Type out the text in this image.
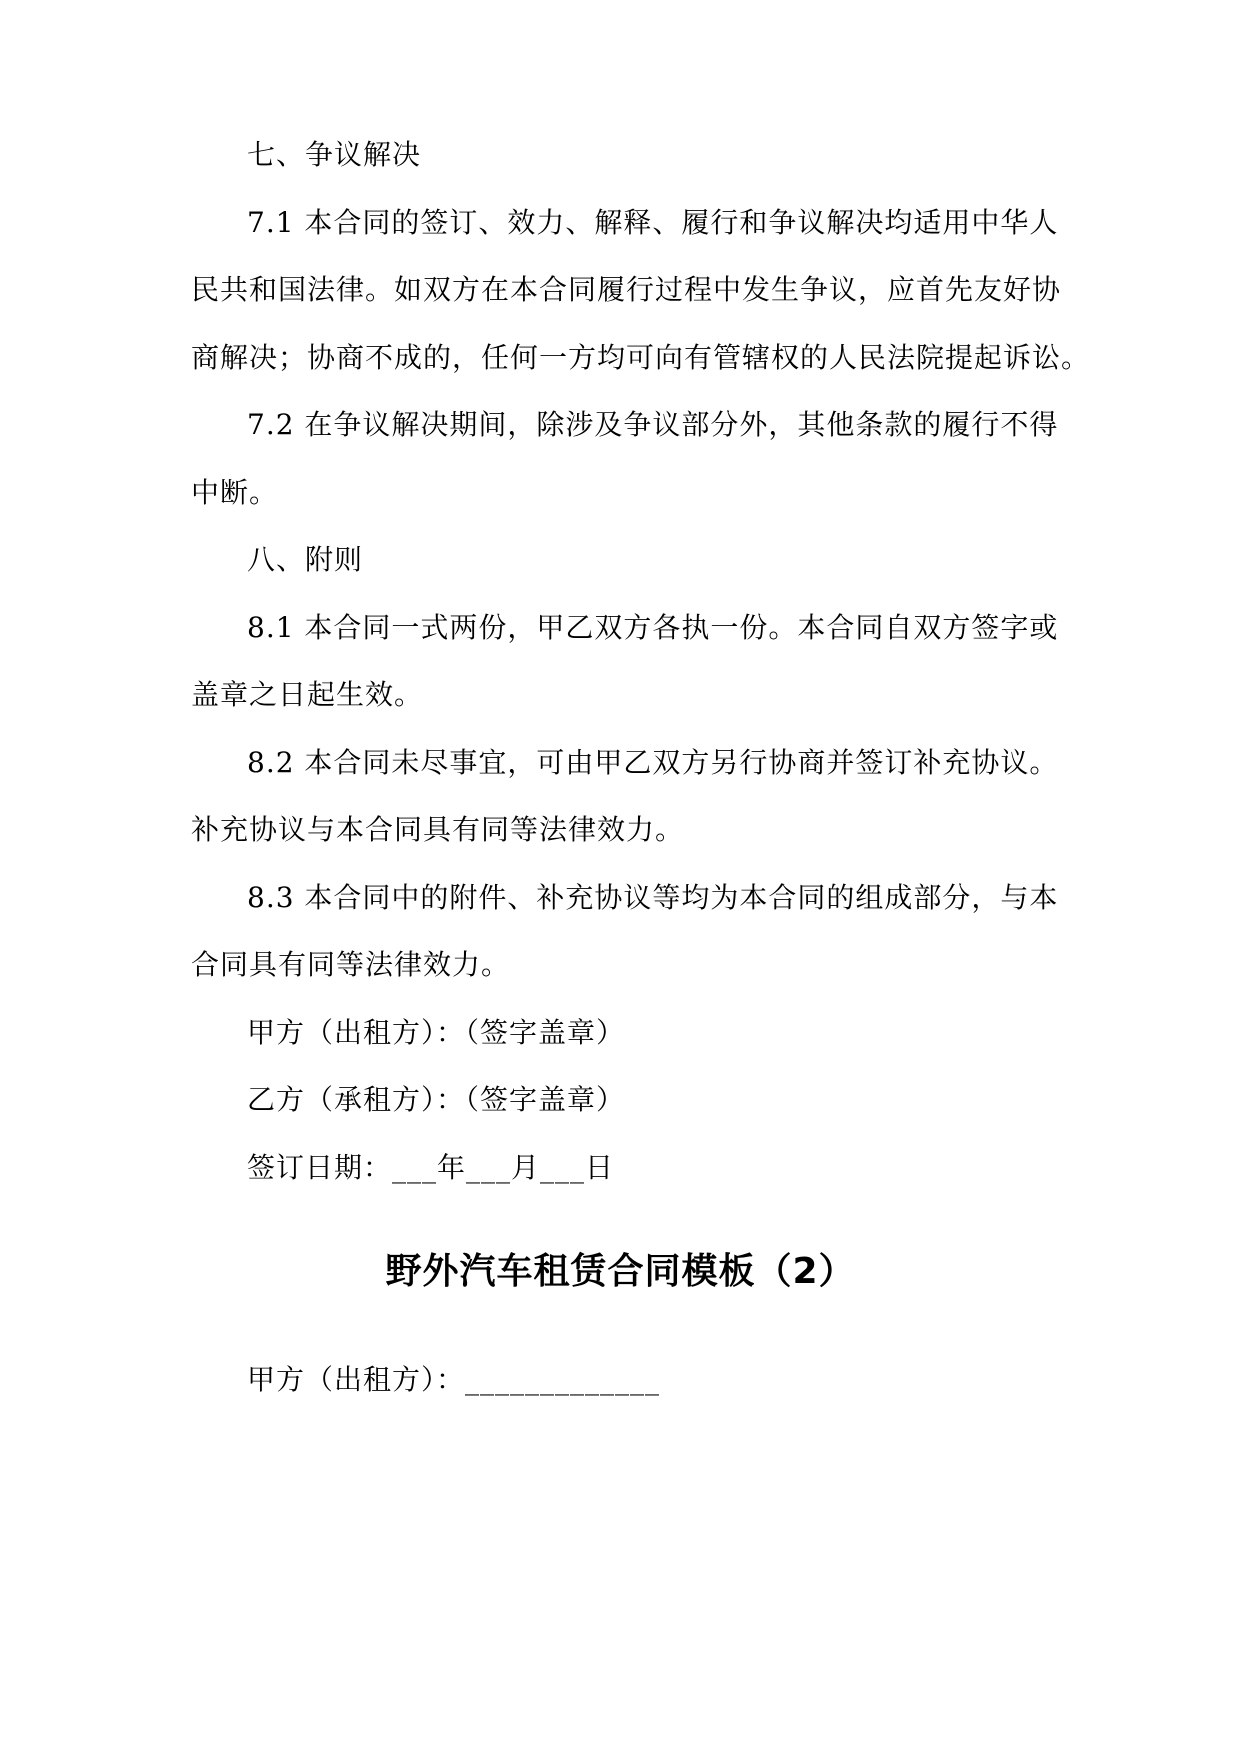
七、争议解决
7.1 本合同的签订、效力、解释、履行和争议解决均适用中华人
民共和国法律。如双方在本合同履行过程中发生争议，应首先友好协
商解决；协商不成的，任何一方均可向有管辖权的人民法院提起诉讼。
7.2 在争议解决期间，除涉及争议部分外，其他条款的履行不得
中断。
八、附则
8.1 本合同一式两份，甲乙双方各执一份。本合同自双方签字或
盖章之日起生效。
8.2 本合同未尽事宜，可由甲乙双方另行协商并签订补充协议。
补充协议与本合同具有同等法律效力。
8.3 本合同中的附件、补充协议等均为本合同的组成部分，与本
合同具有同等法律效力。
甲方（出租方）：（签字盖章）
乙方（承租方）：（签字盖章）
签订日期：___年___月___日
野外汽车租赁合同模板（2）
甲方（出租方）：_____________
